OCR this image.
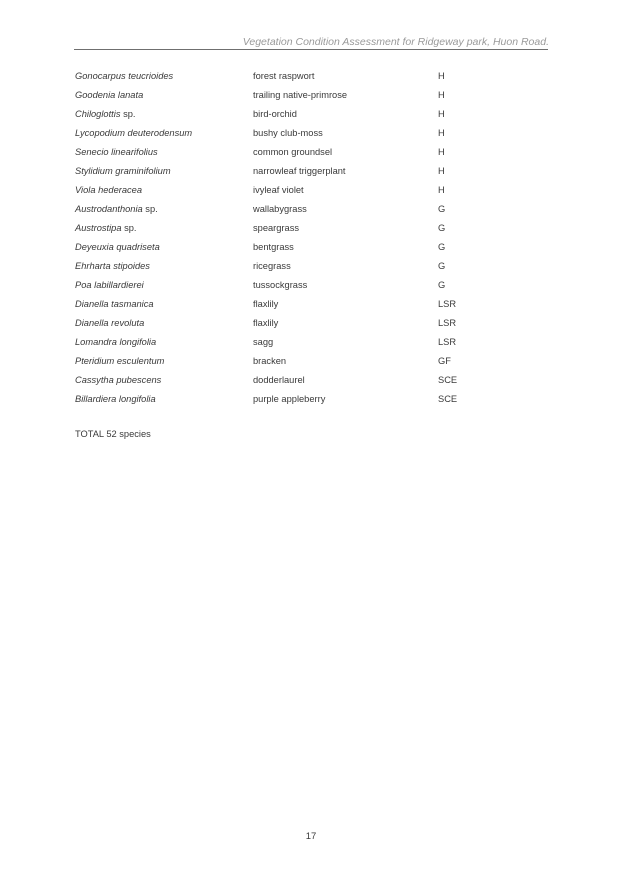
Vegetation Condition Assessment for Ridgeway park, Huon Road.
Gonocarpus teucrioides	forest raspwort	H
Goodenia lanata	trailing native-primrose	H
Chiloglottis sp.	bird-orchid	H
Lycopodium deuterodensum	bushy club-moss	H
Senecio linearifolius	common groundsel	H
Stylidium graminifolium	narrowleaf triggerplant	H
Viola hederacea	ivyleaf violet	H
Austrodanthonia sp.	wallabygrass	G
Austrostipa sp.	speargrass	G
Deyeuxia quadriseta	bentgrass	G
Ehrharta stipoides	ricegrass	G
Poa labillardierei	tussockgrass	G
Dianella tasmanica	flaxlily	LSR
Dianella revoluta	flaxlily	LSR
Lomandra longifolia	sagg	LSR
Pteridium esculentum	bracken	GF
Cassytha pubescens	dodderlaurel	SCE
Billardiera longifolia	purple appleberry	SCE
TOTAL 52 species
17
